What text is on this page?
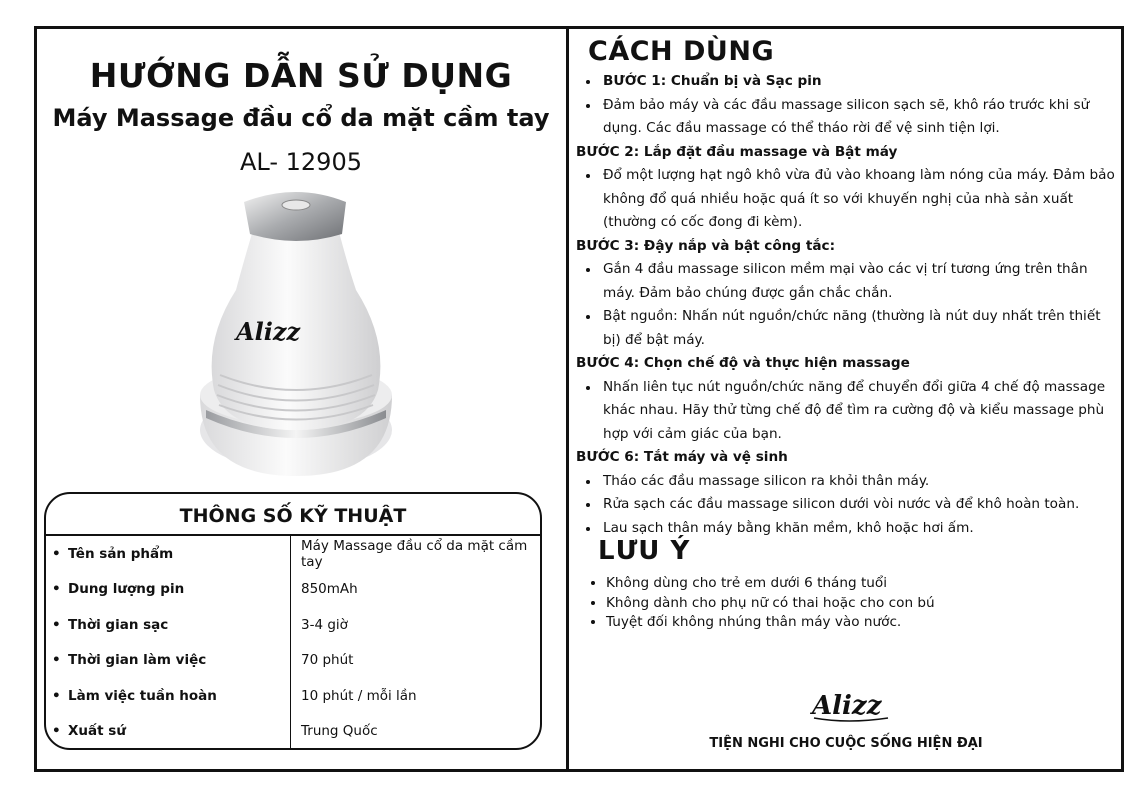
HƯỚNG DẪN SỬ DỤNG
Máy Massage đầu cổ da mặt cầm tay
AL- 12905
Alizz
THÔNG SỐ KỸ THUẬT
• Tên sản phẩm	Máy Massage đầu cổ da mặt cầm tay
• Dung lượng pin	850mAh
• Thời gian sạc	3-4 giờ
• Thời gian làm việc	70 phút
• Làm việc tuần hoàn	10 phút / mỗi lần
• Xuất sứ	Trung Quốc
CÁCH DÙNG
• BƯỚC 1: Chuẩn bị và Sạc pin
• Đảm bảo máy và các đầu massage silicon sạch sẽ, khô ráo trước khi sử dụng. Các đầu massage có thể tháo rời để vệ sinh tiện lợi.
BƯỚC 2: Lắp đặt đầu massage và Bật máy
• Đổ một lượng hạt ngô khô vừa đủ vào khoang làm nóng của máy. Đảm bảo không đổ quá nhiều hoặc quá ít so với khuyến nghị của nhà sản xuất (thường có cốc đong đi kèm).
BƯỚC 3: Đậy nắp và bật công tắc:
• Gắn 4 đầu massage silicon mềm mại vào các vị trí tương ứng trên thân máy. Đảm bảo chúng được gắn chắc chắn.
• Bật nguồn: Nhấn nút nguồn/chức năng (thường là nút duy nhất trên thiết bị) để bật máy.
BƯỚC 4: Chọn chế độ và thực hiện massage
• Nhấn liên tục nút nguồn/chức năng để chuyển đổi giữa 4 chế độ massage khác nhau. Hãy thử từng chế độ để tìm ra cường độ và kiểu massage phù hợp với cảm giác của bạn.
BƯỚC 6: Tắt máy và vệ sinh
• Tháo các đầu massage silicon ra khỏi thân máy.
• Rửa sạch các đầu massage silicon dưới vòi nước và để khô hoàn toàn.
• Lau sạch thân máy bằng khăn mềm, khô hoặc hơi ấm.
LƯU Ý
• Không dùng cho trẻ em dưới 6 tháng tuổi
• Không dành cho phụ nữ có thai hoặc cho con bú
• Tuyệt đối không nhúng thân máy vào nước.
Alizz
TIỆN NGHI CHO CUỘC SỐNG HIỆN ĐẠI
